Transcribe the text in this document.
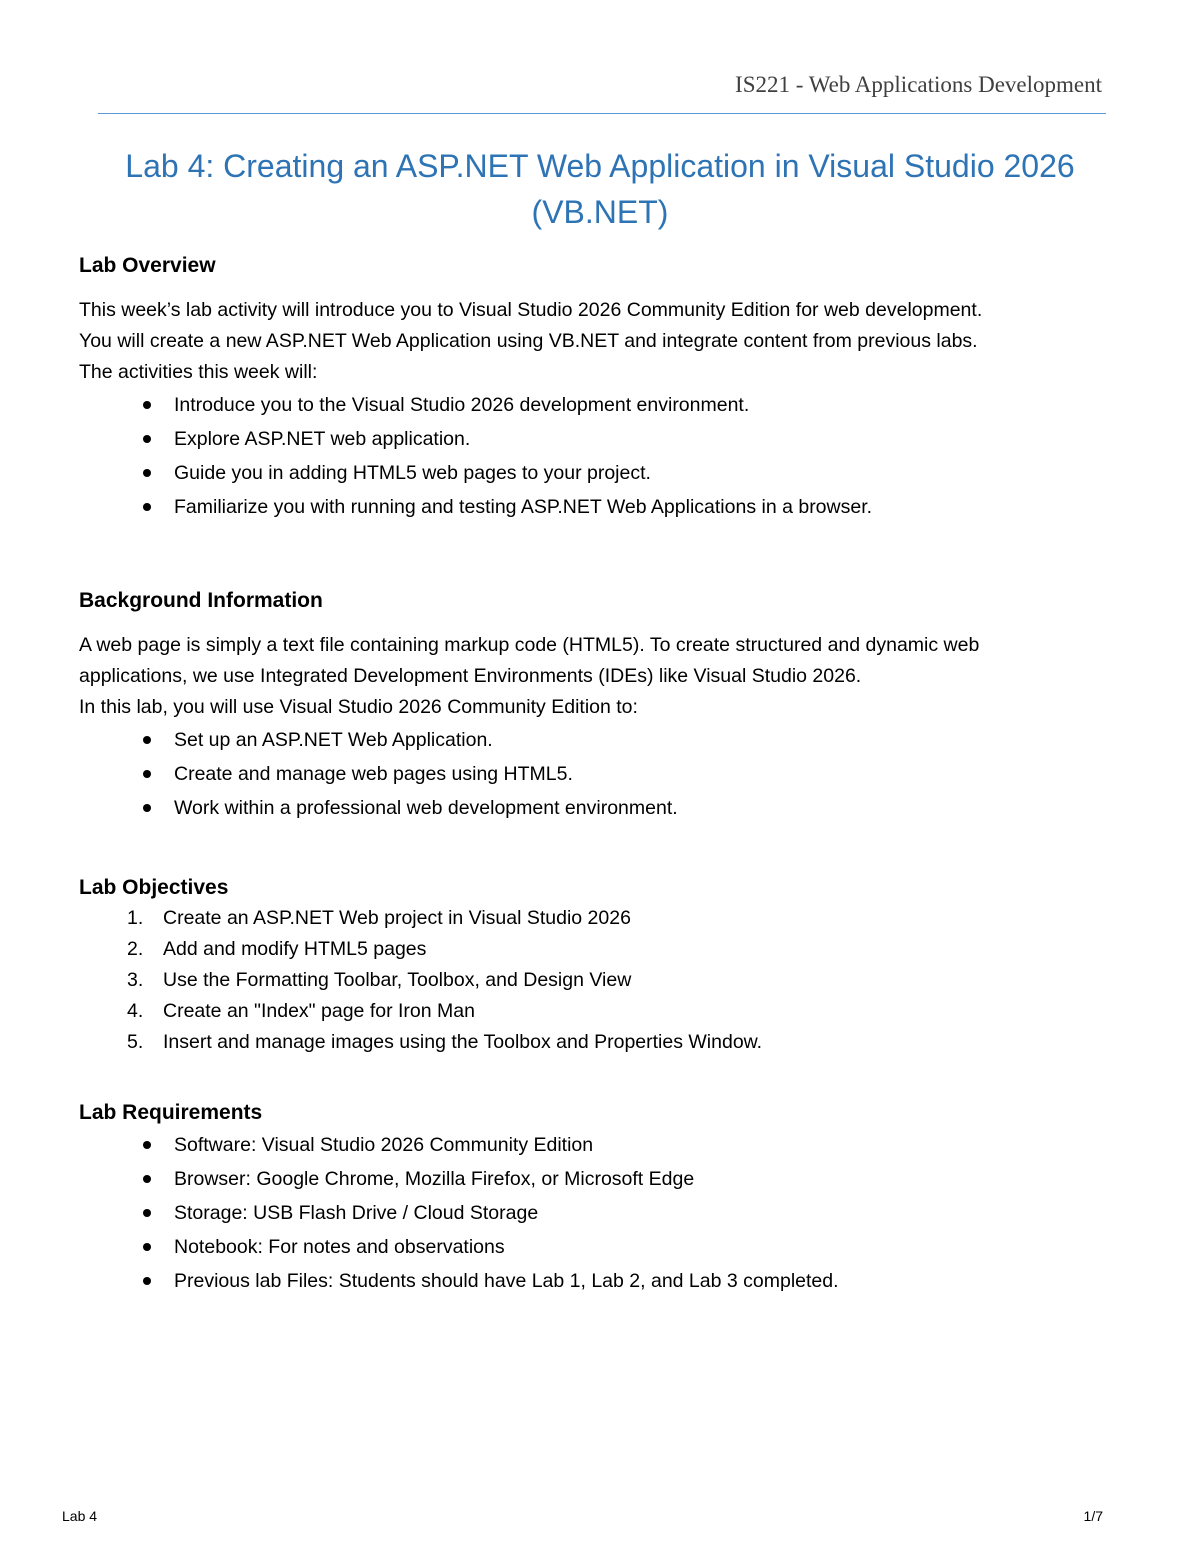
IS221 - Web Applications Development
Lab 4: Creating an ASP.NET Web Application in Visual Studio 2026
(VB.NET)

Lab Overview

This week’s lab activity will introduce you to Visual Studio 2026 Community Edition for web development.

You will create a new ASP.NET Web Application using VB.NET and integrate content from previous labs.

The activities this week will:

Introduce you to the Visual Studio 2026 development environment.
Explore ASP.NET web application.
Guide you in adding HTML5 web pages to your project.
Familiarize you with running and testing ASP.NET Web Applications in a browser.

Background Information

A web page is simply a text file containing markup code (HTML5). To create structured and dynamic web

applications, we use Integrated Development Environments (IDEs) like Visual Studio 2026.

In this lab, you will use Visual Studio 2026 Community Edition to:

Set up an ASP.NET Web Application.
Create and manage web pages using HTML5.
Work within a professional web development environment.

Lab Objectives

1. Create an ASP.NET Web project in Visual Studio 2026
2. Add and modify HTML5 pages
3. Use the Formatting Toolbar, Toolbox, and Design View
4. Create an "Index" page for Iron Man
5. Insert and manage images using the Toolbox and Properties Window.

Lab Requirements

Software: Visual Studio 2026 Community Edition
Browser: Google Chrome, Mozilla Firefox, or Microsoft Edge
Storage: USB Flash Drive / Cloud Storage
Notebook: For notes and observations
Previous lab Files: Students should have Lab 1, Lab 2, and Lab 3 completed.
Lab 4	1/7
